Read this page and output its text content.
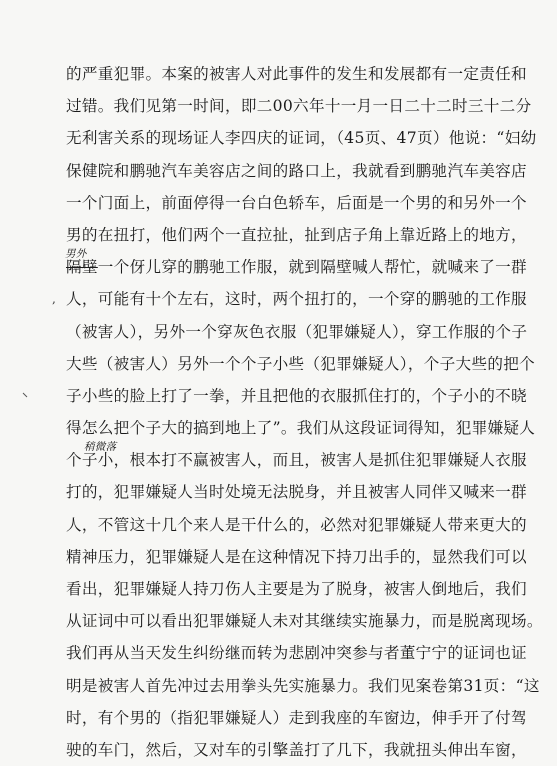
的严重犯罪。本案的被害人对此事件的发生和发展都有一定责任和
过错。我们见第一时间，即二00六年十一月一日二十二时三十二分
无利害关系的现场证人李四庆的证词，（45页、47页）他说：“妇幼
保健院和鹏驰汽车美容店之间的路口上，我就看到鹏驰汽车美容店
一个门面上，前面停得一台白色轿车，后面是一个男的和另外一个
男的在扭打，他们两个一直拉扯，扯到店子角上靠近路上的地方，
男外
隔壁一个伢儿穿的鹏驰工作服，就到隔壁喊人帮忙，就喊来了一群
, 人，可能有十个左右，这时，两个扭打的，一个穿的鹏驰的工作服
（被害人），另外一个穿灰色衣服（犯罪嫌疑人），穿工作服的个子
大些（被害人）另外一个个子小些（犯罪嫌疑人），个子大些的把个
子小些的脸上打了一拳，并且把他的衣服抓住打的，个子小的不晓
得怎么把个子大的搞到地上了”。我们从这段证词得知，犯罪嫌疑人
稍微落
个子小，根本打不赢被害人，而且，被害人是抓住犯罪嫌疑人衣服
打的，犯罪嫌疑人当时处境无法脱身，并且被害人同伴又喊来一群
人，不管这十几个来人是干什么的，必然对犯罪嫌疑人带来更大的
精神压力，犯罪嫌疑人是在这种情况下持刀出手的，显然我们可以
看出，犯罪嫌疑人持刀伤人主要是为了脱身，被害人倒地后，我们
从证词中可以看出犯罪嫌疑人未对其继续实施暴力，而是脱离现场。
我们再从当天发生纠纷继而转为悲剧冲突参与者董宁宁的证词也证
明是被害人首先冲过去用拳头先实施暴力。我们见案卷第31页：“这
时，有个男的（指犯罪嫌疑人）走到我座的车窗边，伸手开了付驾
驶的车门，然后，又对车的引擎盖打了几下，我就扭头伸出车窗，
